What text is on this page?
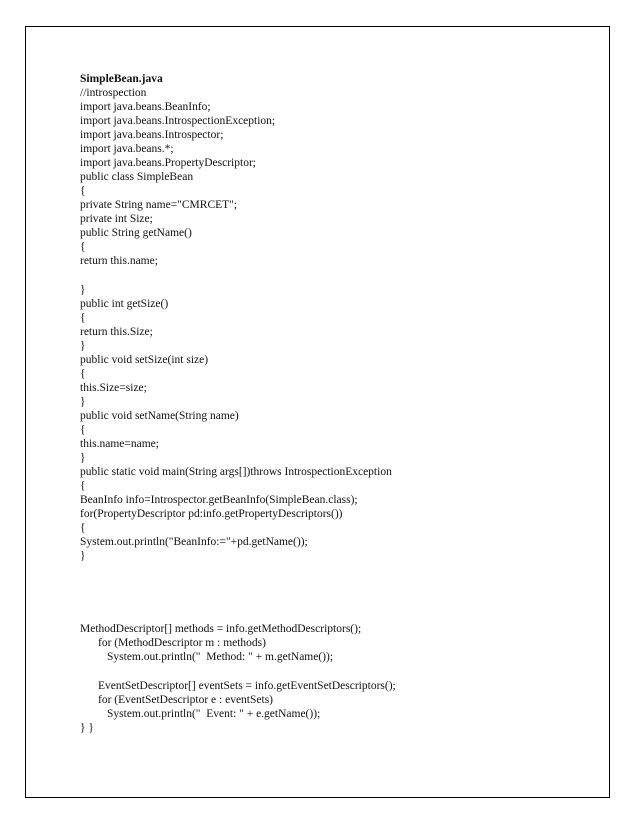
SimpleBean.java
//introspection
import java.beans.BeanInfo;
import java.beans.IntrospectionException;
import java.beans.Introspector;
import java.beans.*;
import java.beans.PropertyDescriptor;
public class SimpleBean
{
private String name="CMRCET";
private int Size;
public String getName()
{
return this.name;
}
public int getSize()
{
return this.Size;
}
public void setSize(int size)
{
this.Size=size;
}
public void setName(String name)
{
this.name=name;
}
public static void main(String args[])throws IntrospectionException
{
BeanInfo info=Introspector.getBeanInfo(SimpleBean.class);
for(PropertyDescriptor pd:info.getPropertyDescriptors())
{
System.out.println("BeanInfo:="+pd.getName());
}
MethodDescriptor[] methods = info.getMethodDescriptors();
for (MethodDescriptor m : methods)
System.out.println("  Method: " + m.getName());
EventSetDescriptor[] eventSets = info.getEventSetDescriptors();
for (EventSetDescriptor e : eventSets)
System.out.println("  Event: " + e.getName());
} }
